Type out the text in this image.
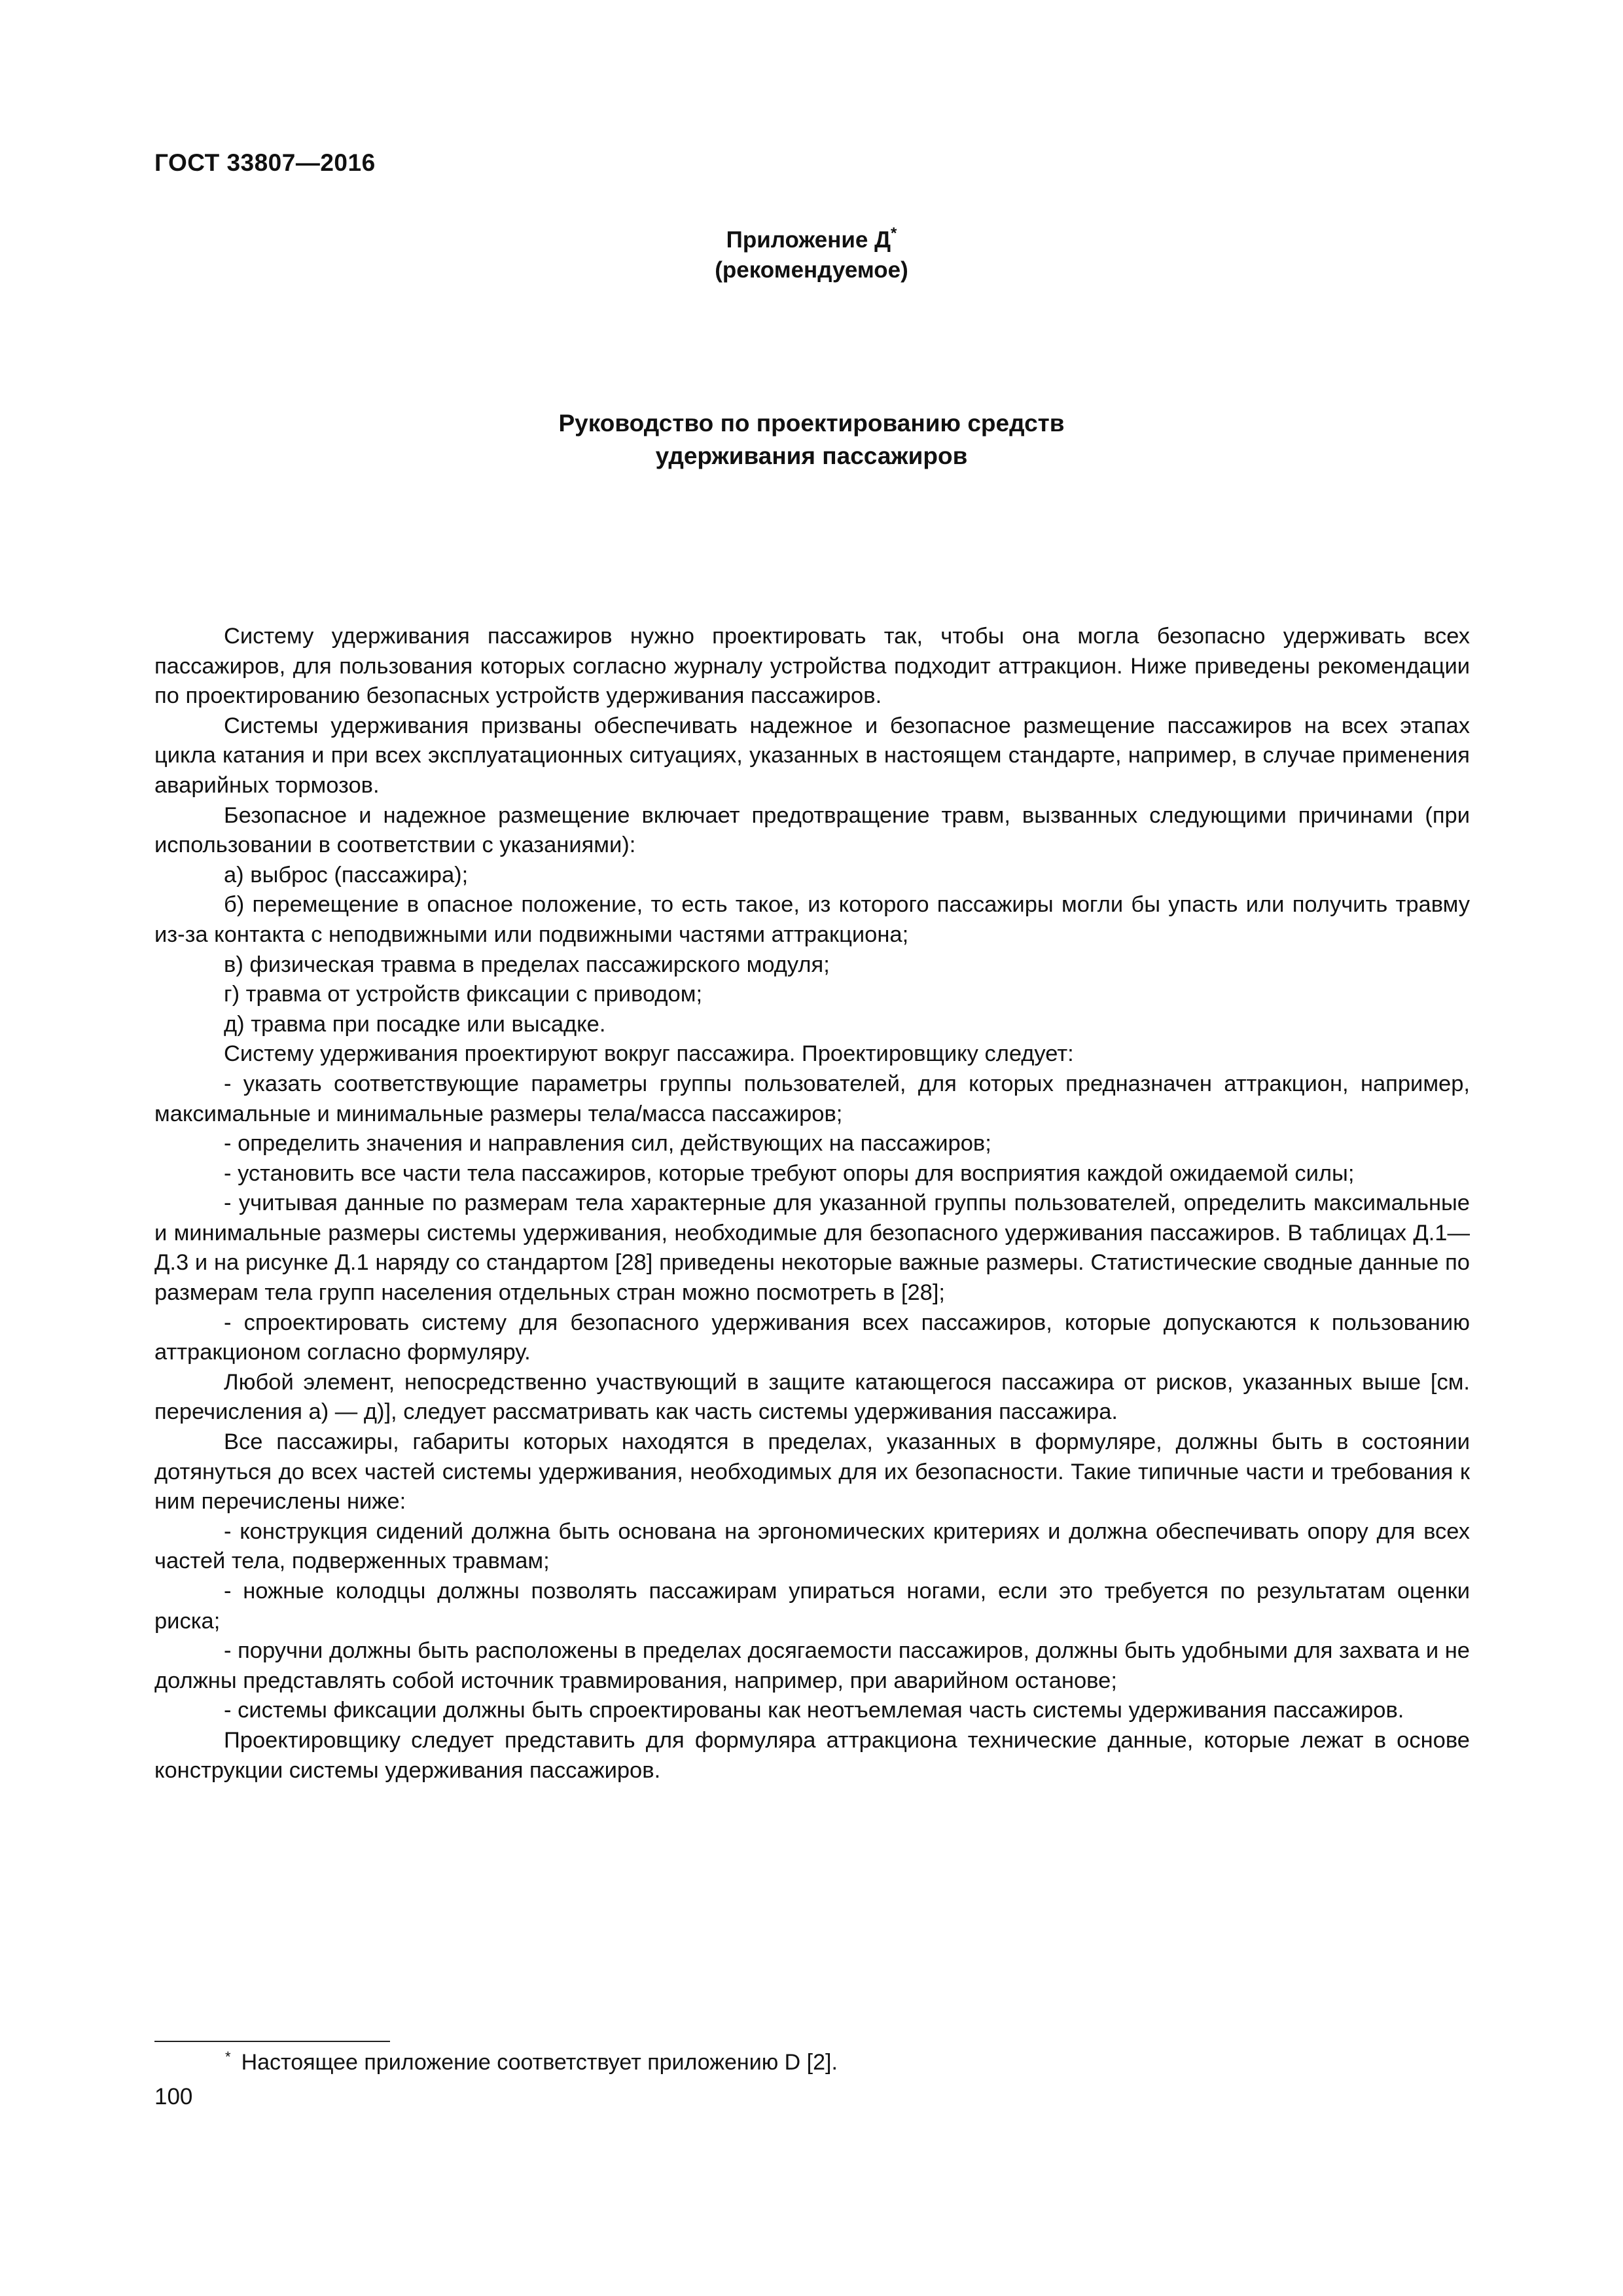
ГОСТ 33807—2016
Приложение Д*
(рекомендуемое)
Руководство по проектированию средств
удерживания пассажиров

Систему удерживания пассажиров нужно проектировать так, чтобы она могла безопасно удерживать всех пассажиров, для пользования которых согласно журналу устройства подходит аттракцион. Ниже приведены рекомендации по проектированию безопасных устройств удерживания пассажиров.

Системы удерживания призваны обеспечивать надежное и безопасное размещение пассажиров на всех этапах цикла катания и при всех эксплуатационных ситуациях, указанных в настоящем стандарте, например, в случае применения аварийных тормозов.

Безопасное и надежное размещение включает предотвращение травм, вызванных следующими причинами (при использовании в соответствии с указаниями):

а) выброс (пассажира);

б) перемещение в опасное положение, то есть такое, из которого пассажиры могли бы упасть или получить травму из-за контакта с неподвижными или подвижными частями аттракциона;

в) физическая травма в пределах пассажирского модуля;

г) травма от устройств фиксации с приводом;

д) травма при посадке или высадке.

Систему удерживания проектируют вокруг пассажира. Проектировщику следует:

- указать соответствующие параметры группы пользователей, для которых предназначен аттракцион, например, максимальные и минимальные размеры тела/масса пассажиров;

- определить значения и направления сил, действующих на пассажиров;

- установить все части тела пассажиров, которые требуют опоры для восприятия каждой ожидаемой силы;

- учитывая данные по размерам тела характерные для указанной группы пользователей, определить максимальные и минимальные размеры системы удерживания, необходимые для безопасного удерживания пассажиров. В таблицах Д.1—Д.3 и на рисунке Д.1 наряду со стандартом [28] приведены некоторые важные размеры. Статистические сводные данные по размерам тела групп населения отдельных стран можно посмотреть в [28];

- спроектировать систему для безопасного удерживания всех пассажиров, которые допускаются к пользованию аттракционом согласно формуляру.

Любой элемент, непосредственно участвующий в защите катающегося пассажира от рисков, указанных выше [см. перечисления а) — д)], следует рассматривать как часть системы удерживания пассажира.

Все пассажиры, габариты которых находятся в пределах, указанных в формуляре, должны быть в состоянии дотянуться до всех частей системы удерживания, необходимых для их безопасности. Такие типичные части и требования к ним перечислены ниже:

- конструкция сидений должна быть основана на эргономических критериях и должна обеспечивать опору для всех частей тела, подверженных травмам;

- ножные колодцы должны позволять пассажирам упираться ногами, если это требуется по результатам оценки риска;

- поручни должны быть расположены в пределах досягаемости пассажиров, должны быть удобными для захвата и не должны представлять собой источник травмирования, например, при аварийном останове;

- системы фиксации должны быть спроектированы как неотъемлемая часть системы удерживания пассажиров.

Проектировщику следует представить для формуляра аттракциона технические данные, которые лежат в основе конструкции системы удерживания пассажиров.

* Настоящее приложение соответствует приложению D [2].
100
